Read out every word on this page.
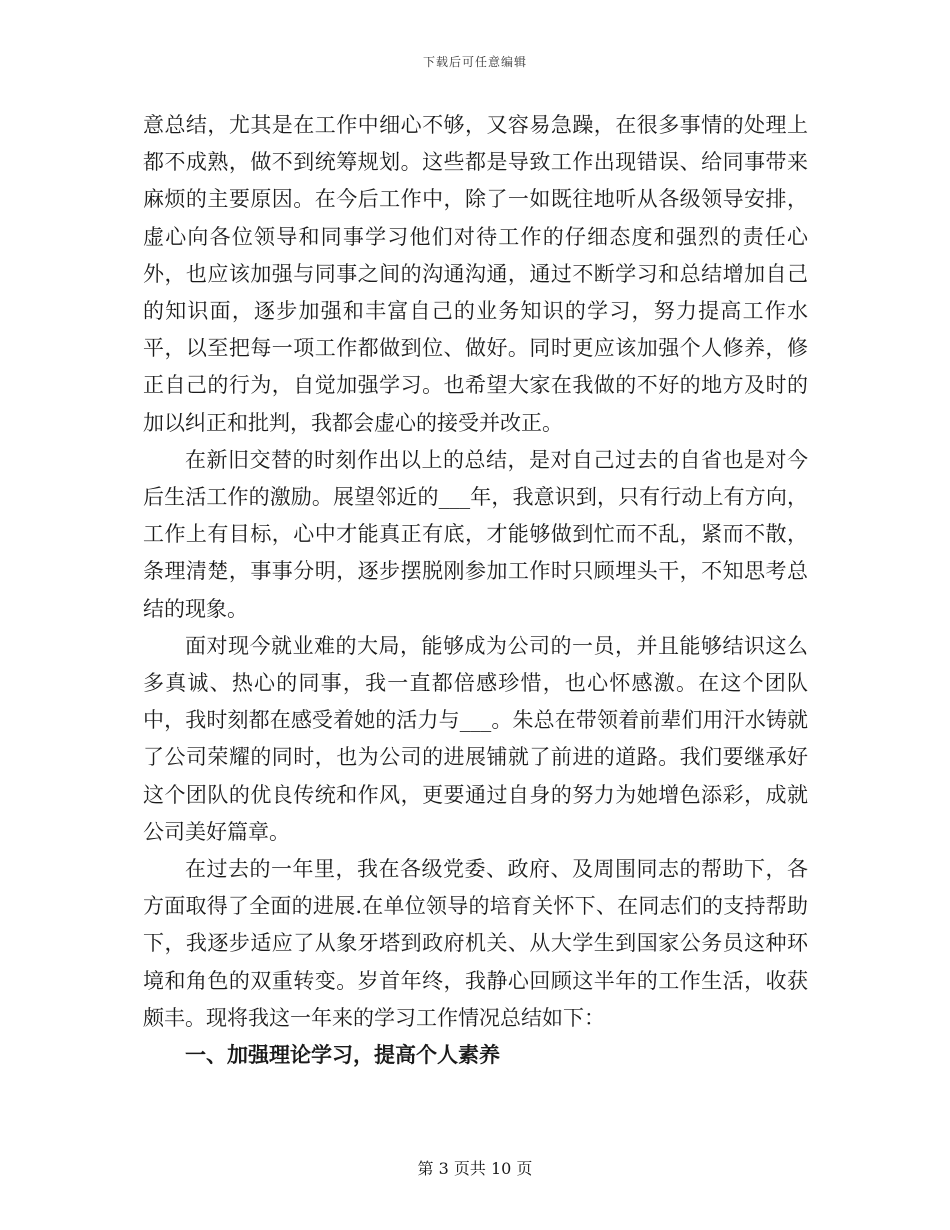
下载后可任意编辑

意总结，尤其是在工作中细心不够，又容易急躁，在很多事情的处理上都不成熟，做不到统筹规划。这些都是导致工作出现错误、给同事带来麻烦的主要原因。在今后工作中，除了一如既往地听从各级领导安排，虚心向各位领导和同事学习他们对待工作的仔细态度和强烈的责任心外，也应该加强与同事之间的沟通沟通，通过不断学习和总结增加自己的知识面，逐步加强和丰富自己的业务知识的学习，努力提高工作水平，以至把每一项工作都做到位、做好。同时更应该加强个人修养，修正自己的行为，自觉加强学习。也希望大家在我做的不好的地方及时的加以纠正和批判，我都会虚心的接受并改正。

在新旧交替的时刻作出以上的总结，是对自己过去的自省也是对今后生活工作的激励。展望邻近的___年，我意识到，只有行动上有方向，工作上有目标，心中才能真正有底，才能够做到忙而不乱，紧而不散，条理清楚，事事分明，逐步摆脱刚参加工作时只顾埋头干，不知思考总结的现象。

面对现今就业难的大局，能够成为公司的一员，并且能够结识这么多真诚、热心的同事，我一直都倍感珍惜，也心怀感激。在这个团队中，我时刻都在感受着她的活力与___。朱总在带领着前辈们用汗水铸就了公司荣耀的同时，也为公司的进展铺就了前进的道路。我们要继承好这个团队的优良传统和作风，更要通过自身的努力为她增色添彩，成就公司美好篇章。

在过去的一年里，我在各级党委、政府、及周围同志的帮助下，各方面取得了全面的进展.在单位领导的培育关怀下、在同志们的支持帮助下，我逐步适应了从象牙塔到政府机关、从大学生到国家公务员这种环境和角色的双重转变。岁首年终，我静心回顾这半年的工作生活，收获颇丰。现将我这一年来的学习工作情况总结如下：

一、加强理论学习，提高个人素养

第 3 页共 10 页
